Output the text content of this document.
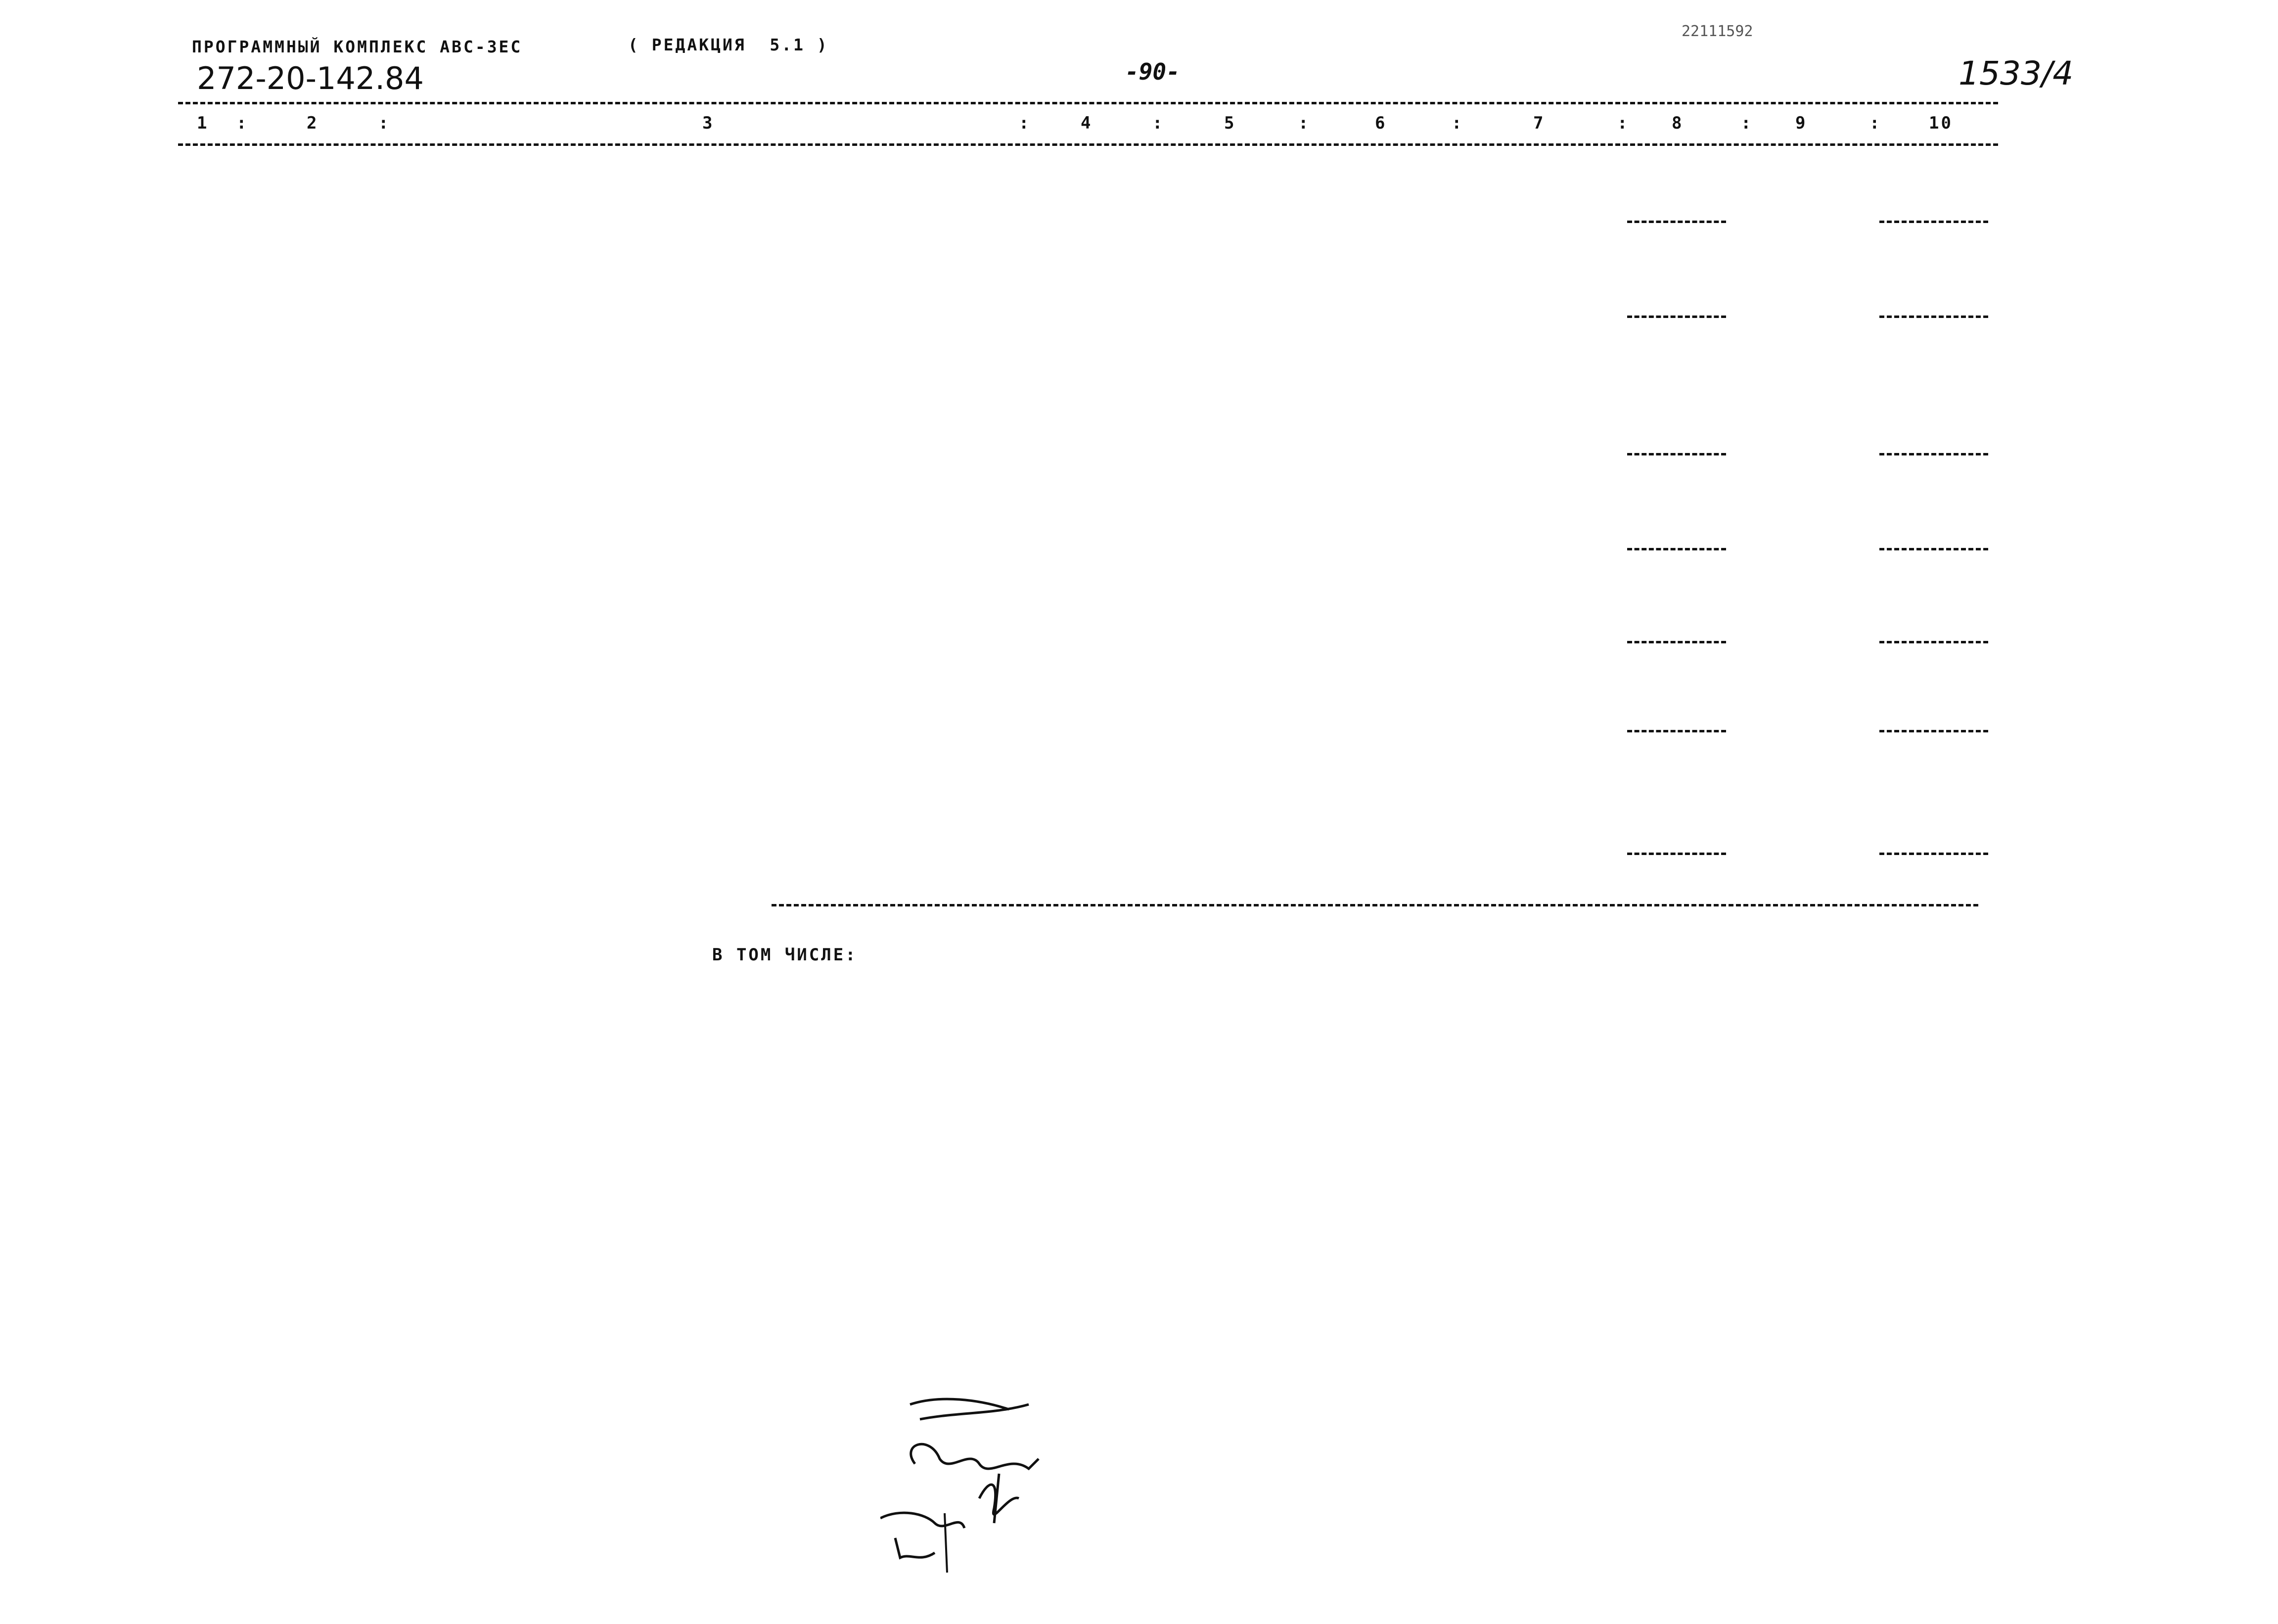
ПРОГРАММНЫЙ КОМПЛЕКС АВС-3ЕС	( РЕДАКЦИЯ  5.1 )
22111592
272-20-142.84	-90-	1533/4
1 :	2	:	3	:	4	:	5	:	6	:	7	:	8	:	9	:	10
В ТОМ ЧИСЛЕ:
